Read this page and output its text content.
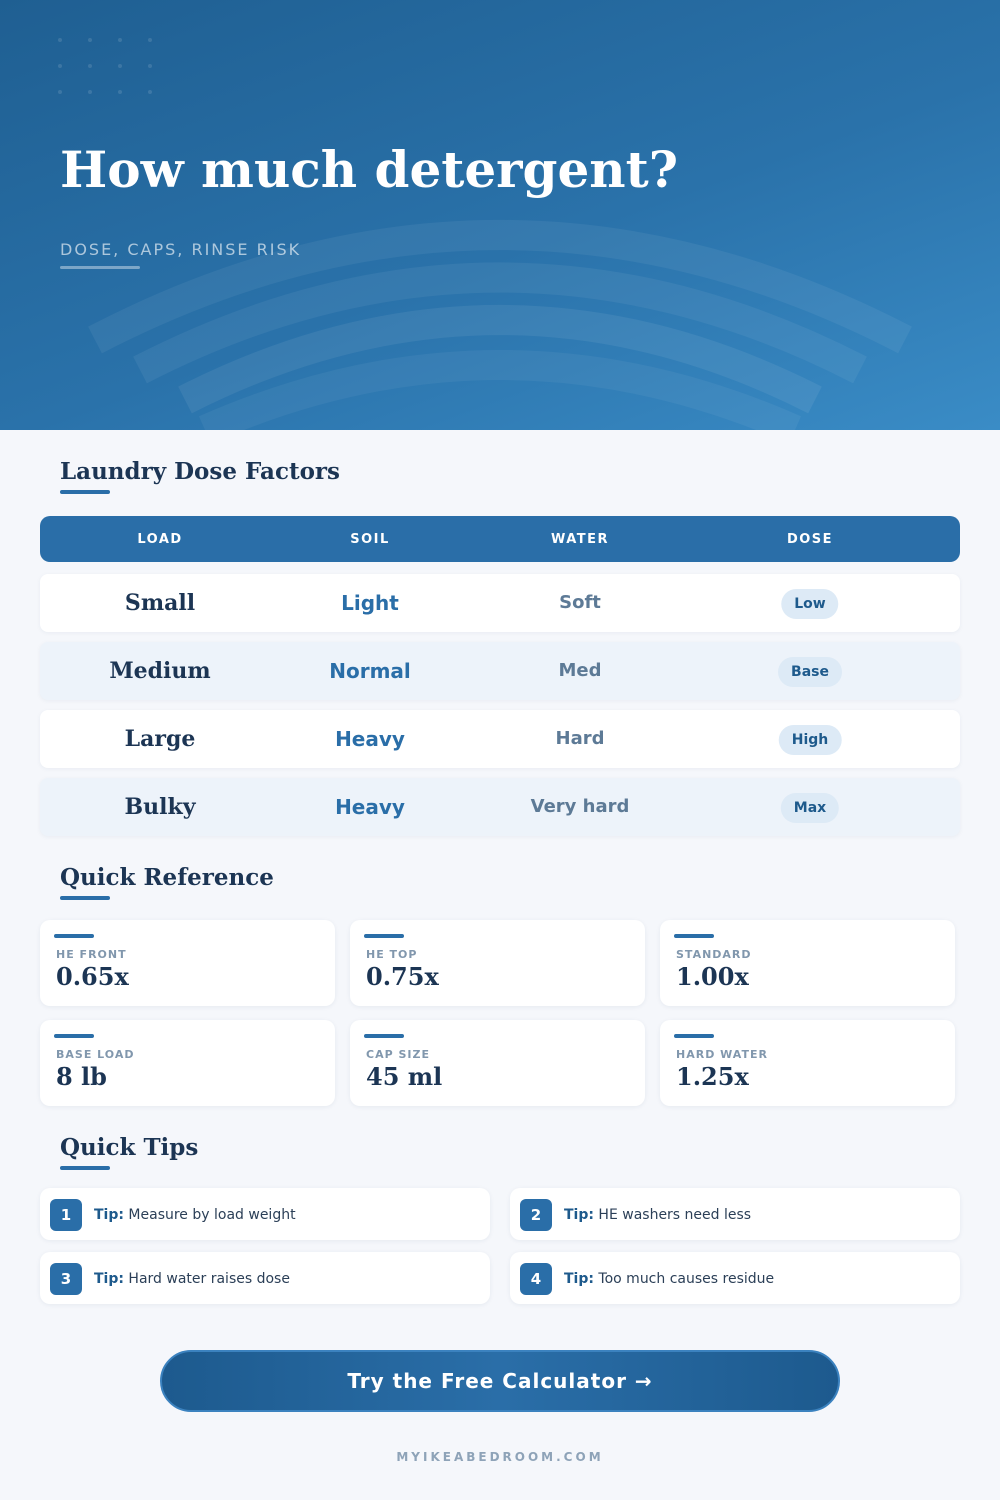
How much detergent?
DOSE, CAPS, RINSE RISK
Laundry Dose Factors
LOAD	SOIL	WATER	DOSE
Small	Light	Soft	Low
Medium	Normal	Med	Base
Large	Heavy	Hard	High
Bulky	Heavy	Very hard	Max
Quick Reference
HE FRONT
0.65x
HE TOP
0.75x
STANDARD
1.00x
BASE LOAD
8 lb
CAP SIZE
45 ml
HARD WATER
1.25x
Quick Tips
1	Tip: Measure by load weight	2	Tip: HE washers need less
3	Tip: Hard water raises dose	4	Tip: Too much causes residue
Try the Free Calculator →
MYIKEABEDROOM.COM
